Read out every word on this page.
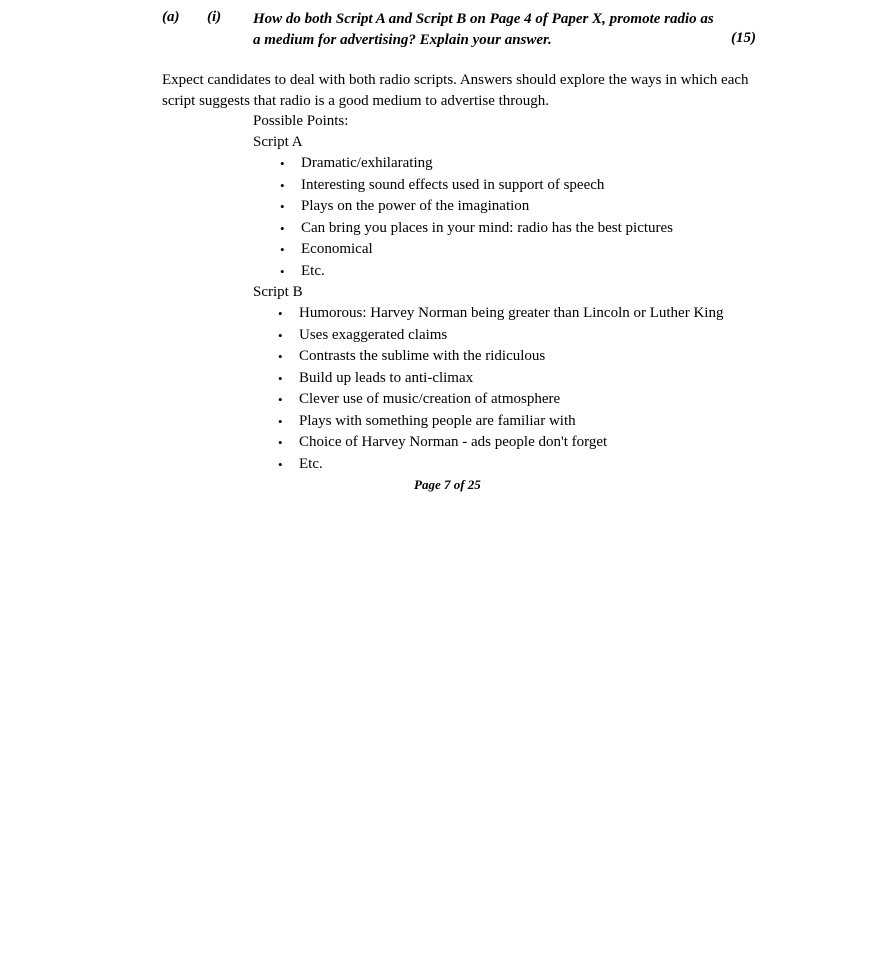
(a) (i) How do both Script A and Script B on Page 4 of Paper X, promote radio as a medium for advertising? Explain your answer.	(15)

Expect candidates to deal with both radio scripts. Answers should explore the ways in which each script suggests that radio is a good medium to advertise through.

Possible Points:
Script A
• Dramatic/exhilarating
• Interesting sound effects used in support of speech
• Plays on the power of the imagination
• Can bring you places in your mind: radio has the best pictures
• Economical
• Etc.
Script B
• Humorous: Harvey Norman being greater than Lincoln or Luther King
• Uses exaggerated claims
• Contrasts the sublime with the ridiculous
• Build up leads to anti-climax
• Clever use of music/creation of atmosphere
• Plays with something people are familiar with
• Choice of Harvey Norman - ads people don't forget
• Etc.
Page 7 of 25
